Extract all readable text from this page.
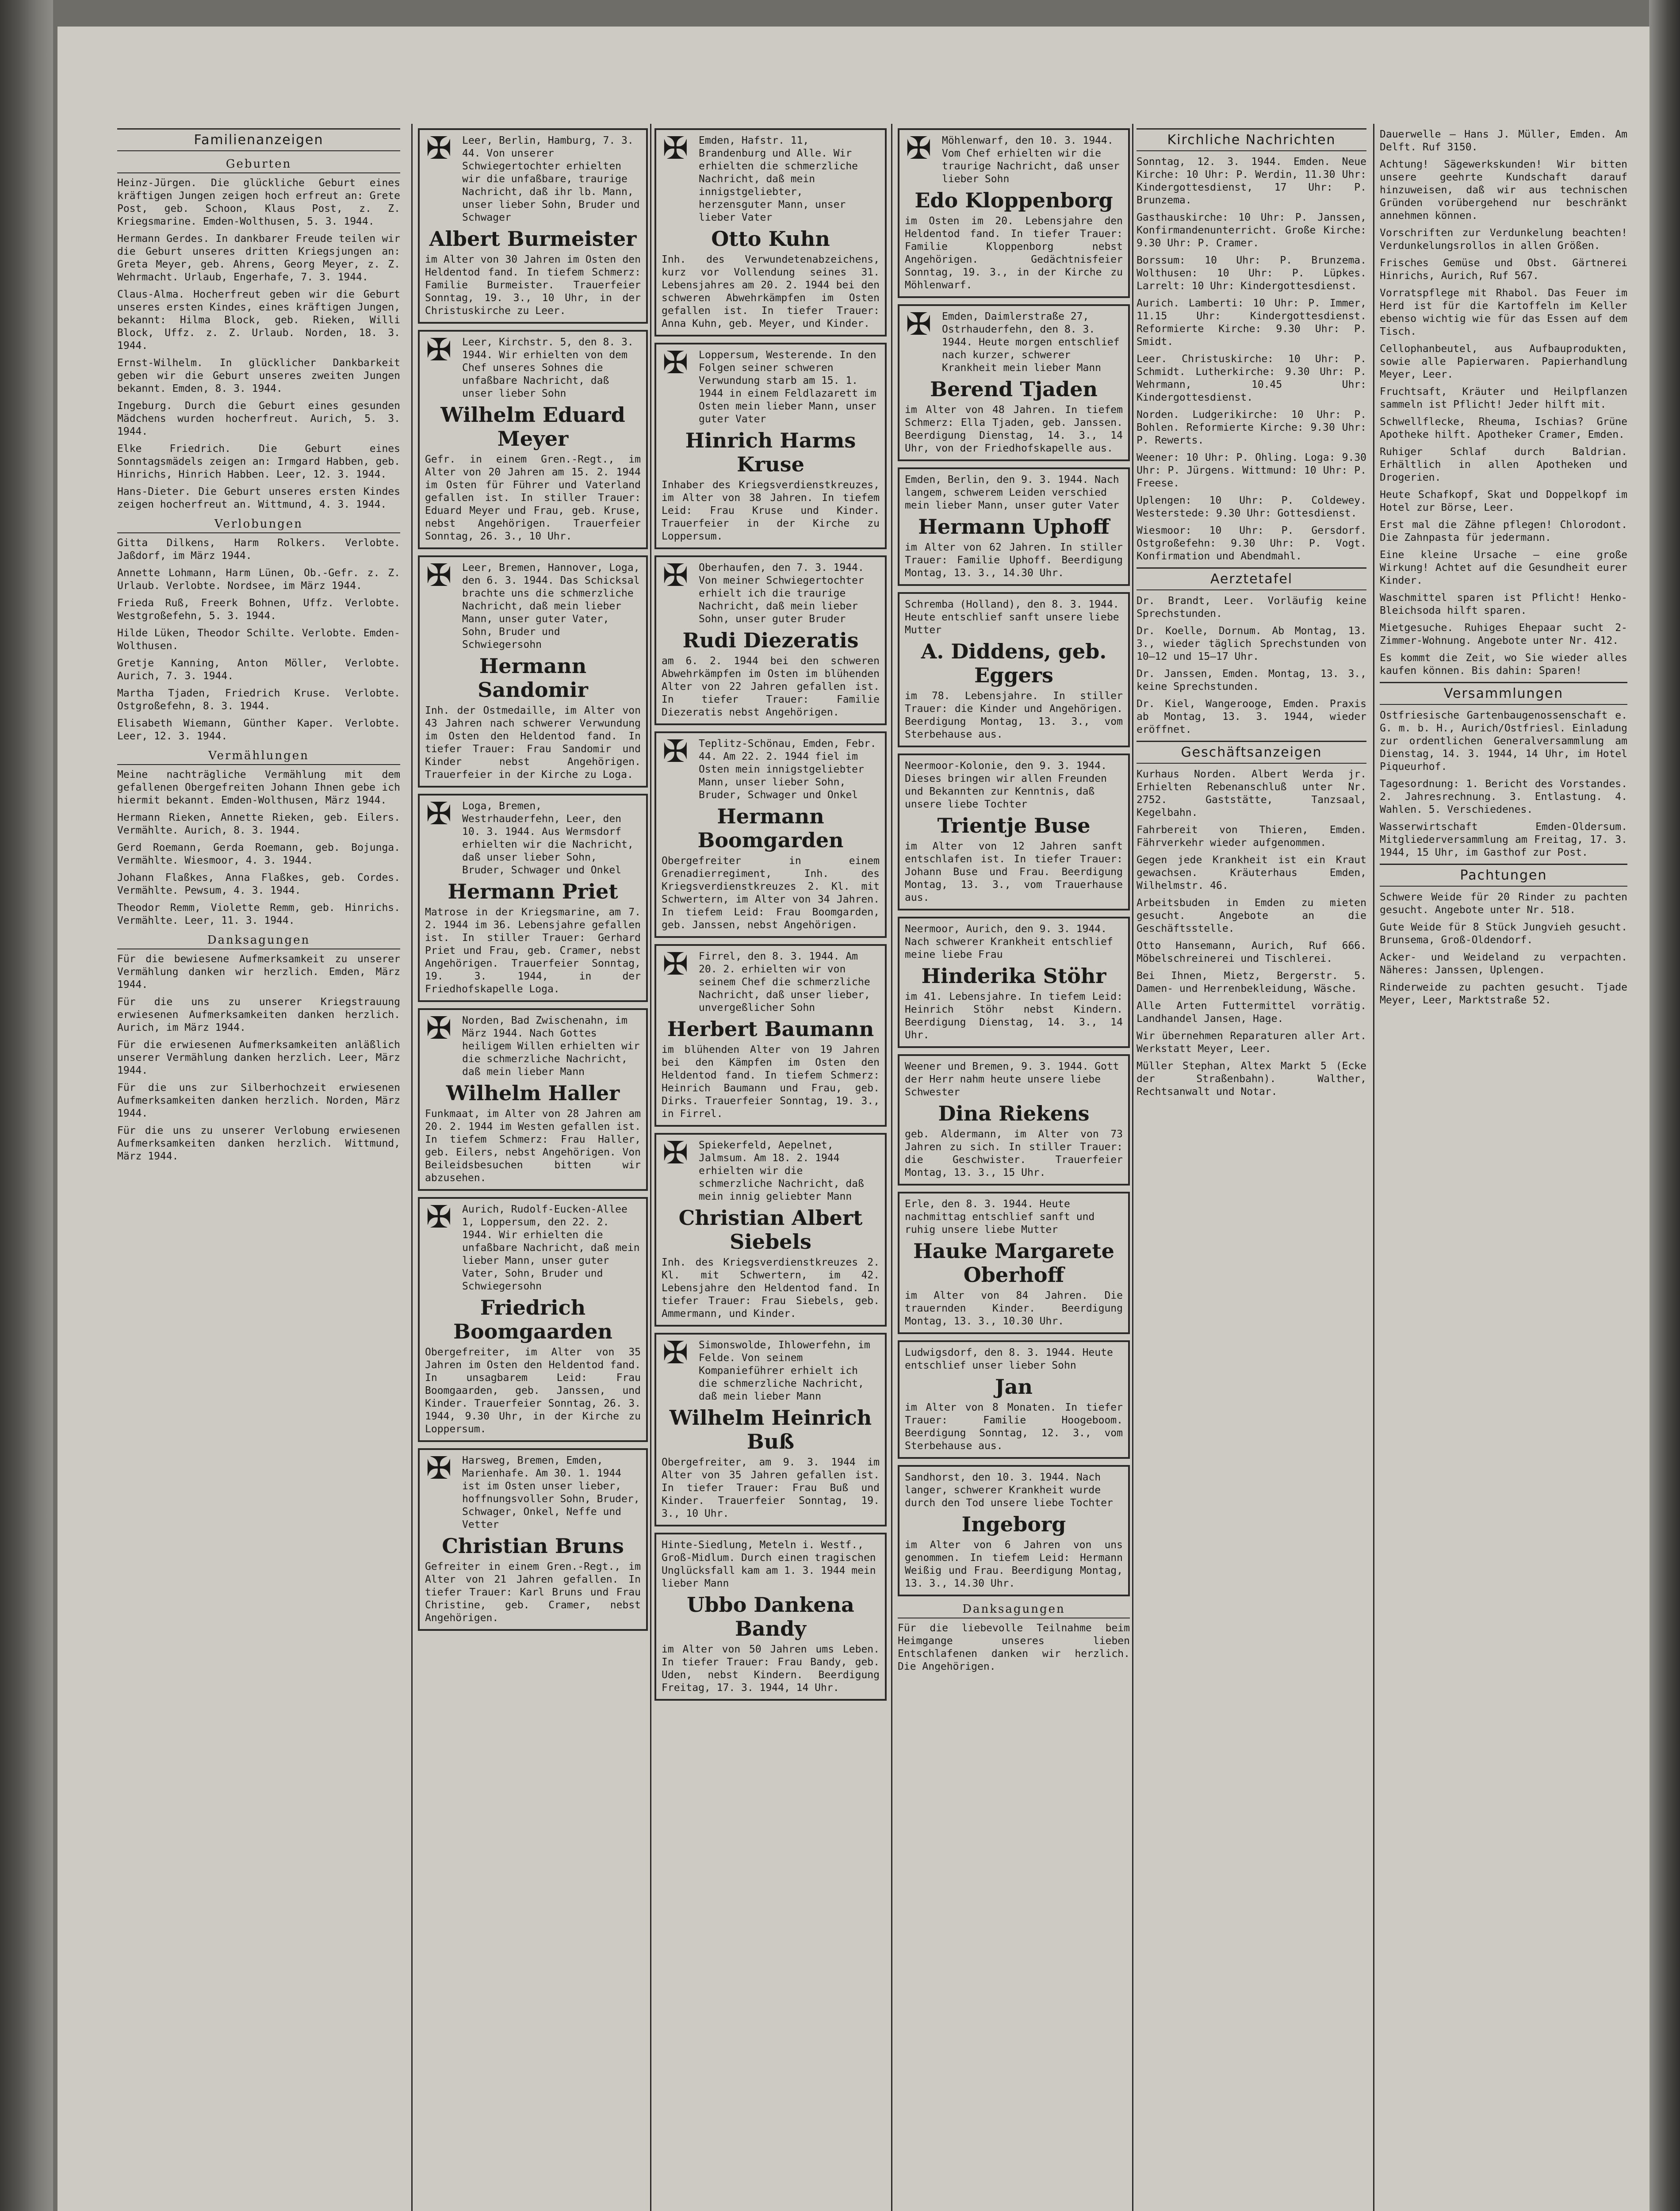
Familienanzeigen
Geburten

Heinz-Jürgen. Die glückliche Geburt eines kräftigen Jungen zeigen hoch erfreut an: Grete Post, geb. Schoon, Klaus Post, z. Z. Kriegsmarine. Emden-Wolthusen, 5. 3. 1944.

Hermann Gerdes. In dankbarer Freude teilen wir die Geburt unseres dritten Kriegsjungen an: Greta Meyer, geb. Ahrens, Georg Meyer, z. Z. Wehrmacht. Urlaub, Engerhafe, 7. 3. 1944.

Claus-Alma. Hocherfreut geben wir die Geburt unseres ersten Kindes, eines kräftigen Jungen, bekannt: Hilma Block, geb. Rieken, Willi Block, Uffz. z. Z. Urlaub. Norden, 18. 3. 1944.

Ernst-Wilhelm. In glücklicher Dankbarkeit geben wir die Geburt unseres zweiten Jungen bekannt. Emden, 8. 3. 1944.

Ingeburg. Durch die Geburt eines gesunden Mädchens wurden hocherfreut. Aurich, 5. 3. 1944.

Elke Friedrich. Die Geburt eines Sonntagsmädels zeigen an: Irmgard Habben, geb. Hinrichs, Hinrich Habben. Leer, 12. 3. 1944.

Hans-Dieter. Die Geburt unseres ersten Kindes zeigen hocherfreut an. Wittmund, 4. 3. 1944.

Verlobungen

Gitta Dilkens, Harm Rolkers. Verlobte. Jaßdorf, im März 1944.

Annette Lohmann, Harm Lünen, Ob.-Gefr. z. Z. Urlaub. Verlobte. Nordsee, im März 1944.

Frieda Ruß, Freerk Bohnen, Uffz. Verlobte. Westgroßefehn, 5. 3. 1944.

Hilde Lüken, Theodor Schilte. Verlobte. Emden-Wolthusen.

Gretje Kanning, Anton Möller, Verlobte. Aurich, 7. 3. 1944.

Martha Tjaden, Friedrich Kruse. Verlobte. Ostgroßefehn, 8. 3. 1944.

Elisabeth Wiemann, Günther Kaper. Verlobte. Leer, 12. 3. 1944.

Vermählungen

Meine nachträgliche Vermählung mit dem gefallenen Obergefreiten Johann Ihnen gebe ich hiermit bekannt. Emden-Wolthusen, März 1944.

Hermann Rieken, Annette Rieken, geb. Eilers. Vermählte. Aurich, 8. 3. 1944.

Gerd Roemann, Gerda Roemann, geb. Bojunga. Vermählte. Wiesmoor, 4. 3. 1944.

Johann Flaßkes, Anna Flaßkes, geb. Cordes. Vermählte. Pewsum, 4. 3. 1944.

Theodor Remm, Violette Remm, geb. Hinrichs. Vermählte. Leer, 11. 3. 1944.

Danksagungen

Für die bewiesene Aufmerksamkeit zu unserer Vermählung danken wir herzlich. Emden, März 1944.

Für die uns zu unserer Kriegstrauung erwiesenen Aufmerksamkeiten danken herzlich. Aurich, im März 1944.

Für die erwiesenen Aufmerksamkeiten anläßlich unserer Vermählung danken herzlich. Leer, März 1944.

Für die uns zur Silberhochzeit erwiesenen Aufmerksamkeiten danken herzlich. Norden, März 1944.

Für die uns zu unserer Verlobung erwiesenen Aufmerksamkeiten danken herzlich. Wittmund, März 1944.

✠ Leer, Berlin, Hamburg, 7. 3. 44. Von unserer Schwiegertochter erhielten wir die unfaßbare, traurige Nachricht, daß ihr lb. Mann, unser lieber Sohn, Bruder und Schwager
Albert Burmeister
im Alter von 30 Jahren im Osten den Heldentod fand. In tiefem Schmerz: Familie Burmeister. Trauerfeier Sonntag, 19. 3., 10 Uhr, in der Christuskirche zu Leer.
✠ Leer, Kirchstr. 5, den 8. 3. 1944. Wir erhielten von dem Chef unseres Sohnes die unfaßbare Nachricht, daß unser lieber Sohn
Wilhelm Eduard Meyer
Gefr. in einem Gren.-Regt., im Alter von 20 Jahren am 15. 2. 1944 im Osten für Führer und Vaterland gefallen ist. In stiller Trauer: Eduard Meyer und Frau, geb. Kruse, nebst Angehörigen. Trauerfeier Sonntag, 26. 3., 10 Uhr.
✠ Leer, Bremen, Hannover, Loga, den 6. 3. 1944. Das Schicksal brachte uns die schmerzliche Nachricht, daß mein lieber Mann, unser guter Vater, Sohn, Bruder und Schwiegersohn
Hermann Sandomir
Inh. der Ostmedaille, im Alter von 43 Jahren nach schwerer Verwundung im Osten den Heldentod fand. In tiefer Trauer: Frau Sandomir und Kinder nebst Angehörigen. Trauerfeier in der Kirche zu Loga.
✠ Loga, Bremen, Westrhauderfehn, Leer, den 10. 3. 1944. Aus Wermsdorf erhielten wir die Nachricht, daß unser lieber Sohn, Bruder, Schwager und Onkel
Hermann Priet
Matrose in der Kriegsmarine, am 7. 2. 1944 im 36. Lebensjahre gefallen ist. In stiller Trauer: Gerhard Priet und Frau, geb. Cramer, nebst Angehörigen. Trauerfeier Sonntag, 19. 3. 1944, in der Friedhofskapelle Loga.
✠ Norden, Bad Zwischenahn, im März 1944. Nach Gottes heiligem Willen erhielten wir die schmerzliche Nachricht, daß mein lieber Mann
Wilhelm Haller
Funkmaat, im Alter von 28 Jahren am 20. 2. 1944 im Westen gefallen ist. In tiefem Schmerz: Frau Haller, geb. Eilers, nebst Angehörigen. Von Beileidsbesuchen bitten wir abzusehen.
✠ Aurich, Rudolf-Eucken-Allee 1, Loppersum, den 22. 2. 1944. Wir erhielten die unfaßbare Nachricht, daß mein lieber Mann, unser guter Vater, Sohn, Bruder und Schwiegersohn
Friedrich Boomgaarden
Obergefreiter, im Alter von 35 Jahren im Osten den Heldentod fand. In unsagbarem Leid: Frau Boomgaarden, geb. Janssen, und Kinder. Trauerfeier Sonntag, 26. 3. 1944, 9.30 Uhr, in der Kirche zu Loppersum.
✠ Harsweg, Bremen, Emden, Marienhafe. Am 30. 1. 1944 ist im Osten unser lieber, hoffnungsvoller Sohn, Bruder, Schwager, Onkel, Neffe und Vetter
Christian Bruns
Gefreiter in einem Gren.-Regt., im Alter von 21 Jahren gefallen. In tiefer Trauer: Karl Bruns und Frau Christine, geb. Cramer, nebst Angehörigen.
✠ Emden, Hafstr. 11, Brandenburg und Alle. Wir erhielten die schmerzliche Nachricht, daß mein innigstgeliebter, herzensguter Mann, unser lieber Vater
Otto Kuhn
Inh. des Verwundetenabzeichens, kurz vor Vollendung seines 31. Lebensjahres am 20. 2. 1944 bei den schweren Abwehrkämpfen im Osten gefallen ist. In tiefer Trauer: Anna Kuhn, geb. Meyer, und Kinder.
✠ Loppersum, Westerende. In den Folgen seiner schweren Verwundung starb am 15. 1. 1944 in einem Feldlazarett im Osten mein lieber Mann, unser guter Vater
Hinrich Harms Kruse
Inhaber des Kriegsverdienstkreuzes, im Alter von 38 Jahren. In tiefem Leid: Frau Kruse und Kinder. Trauerfeier in der Kirche zu Loppersum.
✠ Oberhaufen, den 7. 3. 1944. Von meiner Schwiegertochter erhielt ich die traurige Nachricht, daß mein lieber Sohn, unser guter Bruder
Rudi Diezeratis
am 6. 2. 1944 bei den schweren Abwehrkämpfen im Osten im blühenden Alter von 22 Jahren gefallen ist. In tiefer Trauer: Familie Diezeratis nebst Angehörigen.
✠ Teplitz-Schönau, Emden, Febr. 44. Am 22. 2. 1944 fiel im Osten mein innigstgeliebter Mann, unser lieber Sohn, Bruder, Schwager und Onkel
Hermann Boomgarden
Obergefreiter in einem Grenadierregiment, Inh. des Kriegsverdienstkreuzes 2. Kl. mit Schwertern, im Alter von 34 Jahren. In tiefem Leid: Frau Boomgarden, geb. Janssen, nebst Angehörigen.
✠ Firrel, den 8. 3. 1944. Am 20. 2. erhielten wir von seinem Chef die schmerzliche Nachricht, daß unser lieber, unvergeßlicher Sohn
Herbert Baumann
im blühenden Alter von 19 Jahren bei den Kämpfen im Osten den Heldentod fand. In tiefem Schmerz: Heinrich Baumann und Frau, geb. Dirks. Trauerfeier Sonntag, 19. 3., in Firrel.
✠ Spiekerfeld, Aepelnet, Jalmsum. Am 18. 2. 1944 erhielten wir die schmerzliche Nachricht, daß mein innig geliebter Mann
Christian Albert Siebels
Inh. des Kriegsverdienstkreuzes 2. Kl. mit Schwertern, im 42. Lebensjahre den Heldentod fand. In tiefer Trauer: Frau Siebels, geb. Ammermann, und Kinder.
✠ Simonswolde, Ihlowerfehn, im Felde. Von seinem Kompanieführer erhielt ich die schmerzliche Nachricht, daß mein lieber Mann
Wilhelm Heinrich Buß
Obergefreiter, am 9. 3. 1944 im Alter von 35 Jahren gefallen ist. In tiefer Trauer: Frau Buß und Kinder. Trauerfeier Sonntag, 19. 3., 10 Uhr.
Hinte-Siedlung, Meteln i. Westf., Groß-Midlum. Durch einen tragischen Unglücksfall kam am 1. 3. 1944 mein lieber Mann
Ubbo Dankena Bandy
im Alter von 50 Jahren ums Leben. In tiefer Trauer: Frau Bandy, geb. Uden, nebst Kindern. Beerdigung Freitag, 17. 3. 1944, 14 Uhr.
✠ Möhlenwarf, den 10. 3. 1944. Vom Chef erhielten wir die traurige Nachricht, daß unser lieber Sohn
Edo Kloppenborg
im Osten im 20. Lebensjahre den Heldentod fand. In tiefer Trauer: Familie Kloppenborg nebst Angehörigen. Gedächtnisfeier Sonntag, 19. 3., in der Kirche zu Möhlenwarf.
✠ Emden, Daimlerstraße 27, Ostrhauderfehn, den 8. 3. 1944. Heute morgen entschlief nach kurzer, schwerer Krankheit mein lieber Mann
Berend Tjaden
im Alter von 48 Jahren. In tiefem Schmerz: Ella Tjaden, geb. Janssen. Beerdigung Dienstag, 14. 3., 14 Uhr, von der Friedhofskapelle aus.
Emden, Berlin, den 9. 3. 1944. Nach langem, schwerem Leiden verschied mein lieber Mann, unser guter Vater
Hermann Uphoff
im Alter von 62 Jahren. In stiller Trauer: Familie Uphoff. Beerdigung Montag, 13. 3., 14.30 Uhr.
Schremba (Holland), den 8. 3. 1944. Heute entschlief sanft unsere liebe Mutter
A. Diddens, geb. Eggers
im 78. Lebensjahre. In stiller Trauer: die Kinder und Angehörigen. Beerdigung Montag, 13. 3., vom Sterbehause aus.
Neermoor-Kolonie, den 9. 3. 1944. Dieses bringen wir allen Freunden und Bekannten zur Kenntnis, daß unsere liebe Tochter
Trientje Buse
im Alter von 12 Jahren sanft entschlafen ist. In tiefer Trauer: Johann Buse und Frau. Beerdigung Montag, 13. 3., vom Trauerhause aus.
Neermoor, Aurich, den 9. 3. 1944. Nach schwerer Krankheit entschlief meine liebe Frau
Hinderika Stöhr
im 41. Lebensjahre. In tiefem Leid: Heinrich Stöhr nebst Kindern. Beerdigung Dienstag, 14. 3., 14 Uhr.
Weener und Bremen, 9. 3. 1944. Gott der Herr nahm heute unsere liebe Schwester
Dina Riekens
geb. Aldermann, im Alter von 73 Jahren zu sich. In stiller Trauer: die Geschwister. Trauerfeier Montag, 13. 3., 15 Uhr.
Erle, den 8. 3. 1944. Heute nachmittag entschlief sanft und ruhig unsere liebe Mutter
Hauke Margarete Oberhoff
im Alter von 84 Jahren. Die trauernden Kinder. Beerdigung Montag, 13. 3., 10.30 Uhr.
Ludwigsdorf, den 8. 3. 1944. Heute entschlief unser lieber Sohn
Jan
im Alter von 8 Monaten. In tiefer Trauer: Familie Hoogeboom. Beerdigung Sonntag, 12. 3., vom Sterbehause aus.
Sandhorst, den 10. 3. 1944. Nach langer, schwerer Krankheit wurde durch den Tod unsere liebe Tochter
Ingeborg
im Alter von 6 Jahren von uns genommen. In tiefem Leid: Hermann Weißig und Frau. Beerdigung Montag, 13. 3., 14.30 Uhr.
Danksagungen

Für die liebevolle Teilnahme beim Heimgange unseres lieben Entschlafenen danken wir herzlich. Die Angehörigen.

Kirchliche Nachrichten

Sonntag, 12. 3. 1944. Emden. Neue Kirche: 10 Uhr: P. Werdin, 11.30 Uhr: Kindergottesdienst, 17 Uhr: P. Brunzema.

Gasthauskirche: 10 Uhr: P. Janssen, Konfirmandenunterricht. Große Kirche: 9.30 Uhr: P. Cramer.

Borssum: 10 Uhr: P. Brunzema. Wolthusen: 10 Uhr: P. Lüpkes. Larrelt: 10 Uhr: Kindergottesdienst.

Aurich. Lamberti: 10 Uhr: P. Immer, 11.15 Uhr: Kindergottesdienst. Reformierte Kirche: 9.30 Uhr: P. Smidt.

Leer. Christuskirche: 10 Uhr: P. Schmidt. Lutherkirche: 9.30 Uhr: P. Wehrmann, 10.45 Uhr: Kindergottesdienst.

Norden. Ludgerikirche: 10 Uhr: P. Bohlen. Reformierte Kirche: 9.30 Uhr: P. Rewerts.

Weener: 10 Uhr: P. Ohling. Loga: 9.30 Uhr: P. Jürgens. Wittmund: 10 Uhr: P. Freese.

Uplengen: 10 Uhr: P. Coldewey. Westerstede: 9.30 Uhr: Gottesdienst.

Wiesmoor: 10 Uhr: P. Gersdorf. Ostgroßefehn: 9.30 Uhr: P. Vogt. Konfirmation und Abendmahl.

Aerztetafel

Dr. Brandt, Leer. Vorläufig keine Sprechstunden.

Dr. Koelle, Dornum. Ab Montag, 13. 3., wieder täglich Sprechstunden von 10–12 und 15–17 Uhr.

Dr. Janssen, Emden. Montag, 13. 3., keine Sprechstunden.

Dr. Kiel, Wangerooge, Emden. Praxis ab Montag, 13. 3. 1944, wieder eröffnet.

Geschäftsanzeigen

Kurhaus Norden. Albert Werda jr. Erhielten Rebenanschluß unter Nr. 2752. Gaststätte, Tanzsaal, Kegelbahn.

Fahrbereit von Thieren, Emden. Fährverkehr wieder aufgenommen.

Gegen jede Krankheit ist ein Kraut gewachsen. Kräuterhaus Emden, Wilhelmstr. 46.

Arbeitsbuden in Emden zu mieten gesucht. Angebote an die Geschäftsstelle.

Otto Hansemann, Aurich, Ruf 666. Möbelschreinerei und Tischlerei.

Bei Ihnen, Mietz, Bergerstr. 5. Damen- und Herrenbekleidung, Wäsche.

Alle Arten Futtermittel vorrätig. Landhandel Jansen, Hage.

Wir übernehmen Reparaturen aller Art. Werkstatt Meyer, Leer.

Müller Stephan, Altex Markt 5 (Ecke der Straßenbahn). Walther, Rechtsanwalt und Notar.

Dauerwelle — Hans J. Müller, Emden. Am Delft. Ruf 3150.

Achtung! Sägewerkskunden! Wir bitten unsere geehrte Kundschaft darauf hinzuweisen, daß wir aus technischen Gründen vorübergehend nur beschränkt annehmen können.

Vorschriften zur Verdunkelung beachten! Verdunkelungsrollos in allen Größen.

Frisches Gemüse und Obst. Gärtnerei Hinrichs, Aurich, Ruf 567.

Vorratspflege mit Rhabol. Das Feuer im Herd ist für die Kartoffeln im Keller ebenso wichtig wie für das Essen auf dem Tisch.

Cellophanbeutel, aus Aufbauprodukten, sowie alle Papierwaren. Papierhandlung Meyer, Leer.

Fruchtsaft, Kräuter und Heilpflanzen sammeln ist Pflicht! Jeder hilft mit.

Schwellflecke, Rheuma, Ischias? Grüne Apotheke hilft. Apotheker Cramer, Emden.

Ruhiger Schlaf durch Baldrian. Erhältlich in allen Apotheken und Drogerien.

Heute Schafkopf, Skat und Doppelkopf im Hotel zur Börse, Leer.

Erst mal die Zähne pflegen! Chlorodont. Die Zahnpasta für jedermann.

Eine kleine Ursache — eine große Wirkung! Achtet auf die Gesundheit eurer Kinder.

Waschmittel sparen ist Pflicht! Henko-Bleichsoda hilft sparen.

Mietgesuche. Ruhiges Ehepaar sucht 2-Zimmer-Wohnung. Angebote unter Nr. 412.

Es kommt die Zeit, wo Sie wieder alles kaufen können. Bis dahin: Sparen!

Versammlungen

Ostfriesische Gartenbaugenossenschaft e. G. m. b. H., Aurich/Ostfriesl. Einladung zur ordentlichen Generalversammlung am Dienstag, 14. 3. 1944, 14 Uhr, im Hotel Piqueurhof.

Tagesordnung: 1. Bericht des Vorstandes. 2. Jahresrechnung. 3. Entlastung. 4. Wahlen. 5. Verschiedenes.

Wasserwirtschaft Emden-Oldersum. Mitgliederversammlung am Freitag, 17. 3. 1944, 15 Uhr, im Gasthof zur Post.

Pachtungen

Schwere Weide für 20 Rinder zu pachten gesucht. Angebote unter Nr. 518.

Gute Weide für 8 Stück Jungvieh gesucht. Brunsema, Groß-Oldendorf.

Acker- und Weideland zu verpachten. Näheres: Janssen, Uplengen.

Rinderweide zu pachten gesucht. Tjade Meyer, Leer, Marktstraße 52.
